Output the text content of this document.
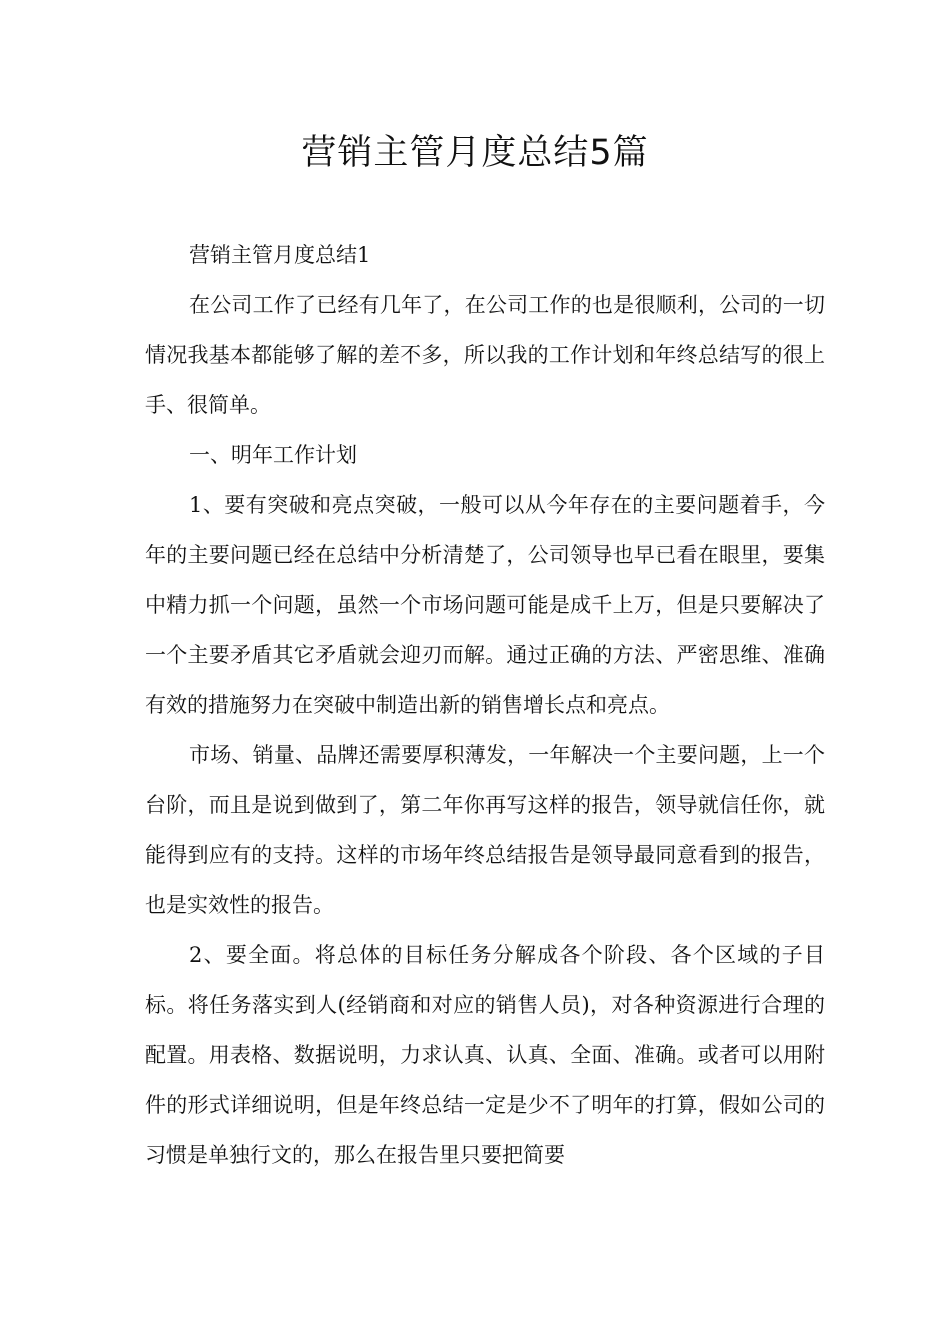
营销主管月度总结5篇

营销主管月度总结1

在公司工作了已经有几年了，在公司工作的也是很顺利，公司的一切情况我基本都能够了解的差不多，所以我的工作计划和年终总结写的很上手、很简单。

一、明年工作计划

1、要有突破和亮点突破，一般可以从今年存在的主要问题着手，今年的主要问题已经在总结中分析清楚了，公司领导也早已看在眼里，要集中精力抓一个问题，虽然一个市场问题可能是成千上万，但是只要解决了一个主要矛盾其它矛盾就会迎刃而解。通过正确的方法、严密思维、准确有效的措施努力在突破中制造出新的销售增长点和亮点。

市场、销量、品牌还需要厚积薄发，一年解决一个主要问题，上一个台阶，而且是说到做到了，第二年你再写这样的报告，领导就信任你，就能得到应有的支持。这样的市场年终总结报告是领导最同意看到的报告，也是实效性的报告。

2、要全面。将总体的目标任务分解成各个阶段、各个区域的子目标。将任务落实到人(经销商和对应的销售人员)，对各种资源进行合理的配置。用表格、数据说明，力求认真、认真、全面、准确。或者可以用附件的形式详细说明，但是年终总结一定是少不了明年的打算，假如公司的习惯是单独行文的，那么在报告里只要把简要
